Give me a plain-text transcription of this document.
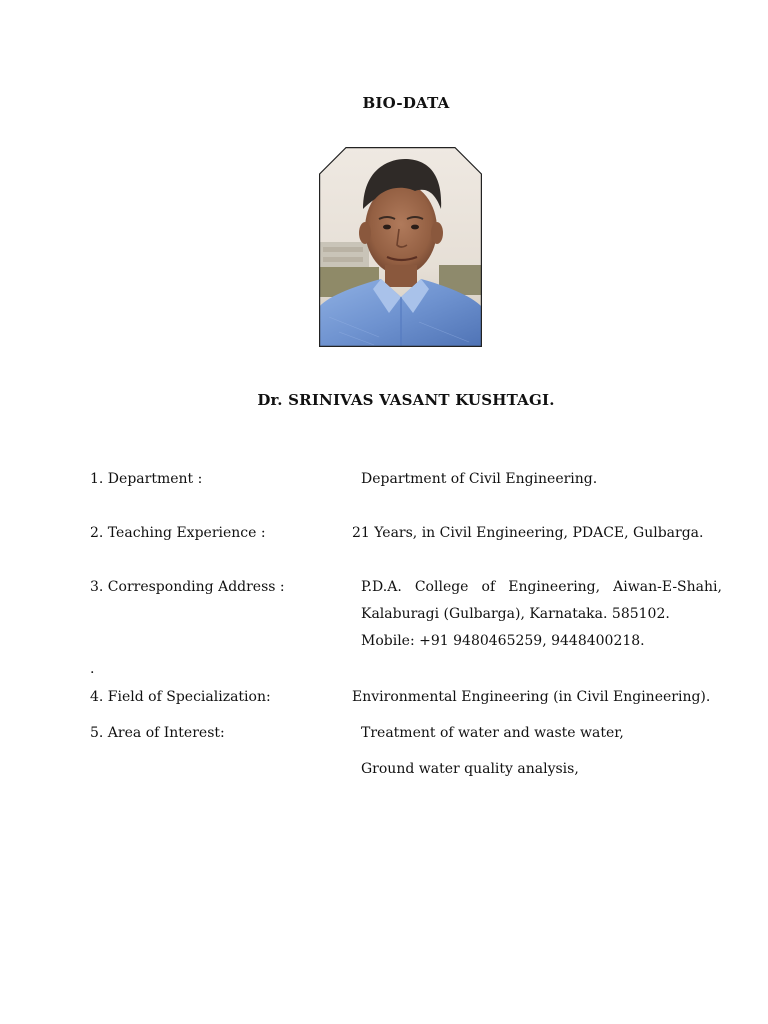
BIO-DATA
Dr. SRINIVAS VASANT KUSHTAGI.
1. Department :	Department of Civil Engineering.
2. Teaching Experience :	21 Years, in Civil Engineering, PDACE, Gulbarga.
3. Corresponding Address :	P.D.A. College of Engineering, Aiwan-E-Shahi,
Kalaburagi (Gulbarga), Karnataka. 585102.
Mobile: +91 9480465259, 9448400218.
.
4. Field of Specialization:	Environmental Engineering (in Civil Engineering).
5. Area of Interest:	Treatment of water and waste water,
Ground water quality analysis,
